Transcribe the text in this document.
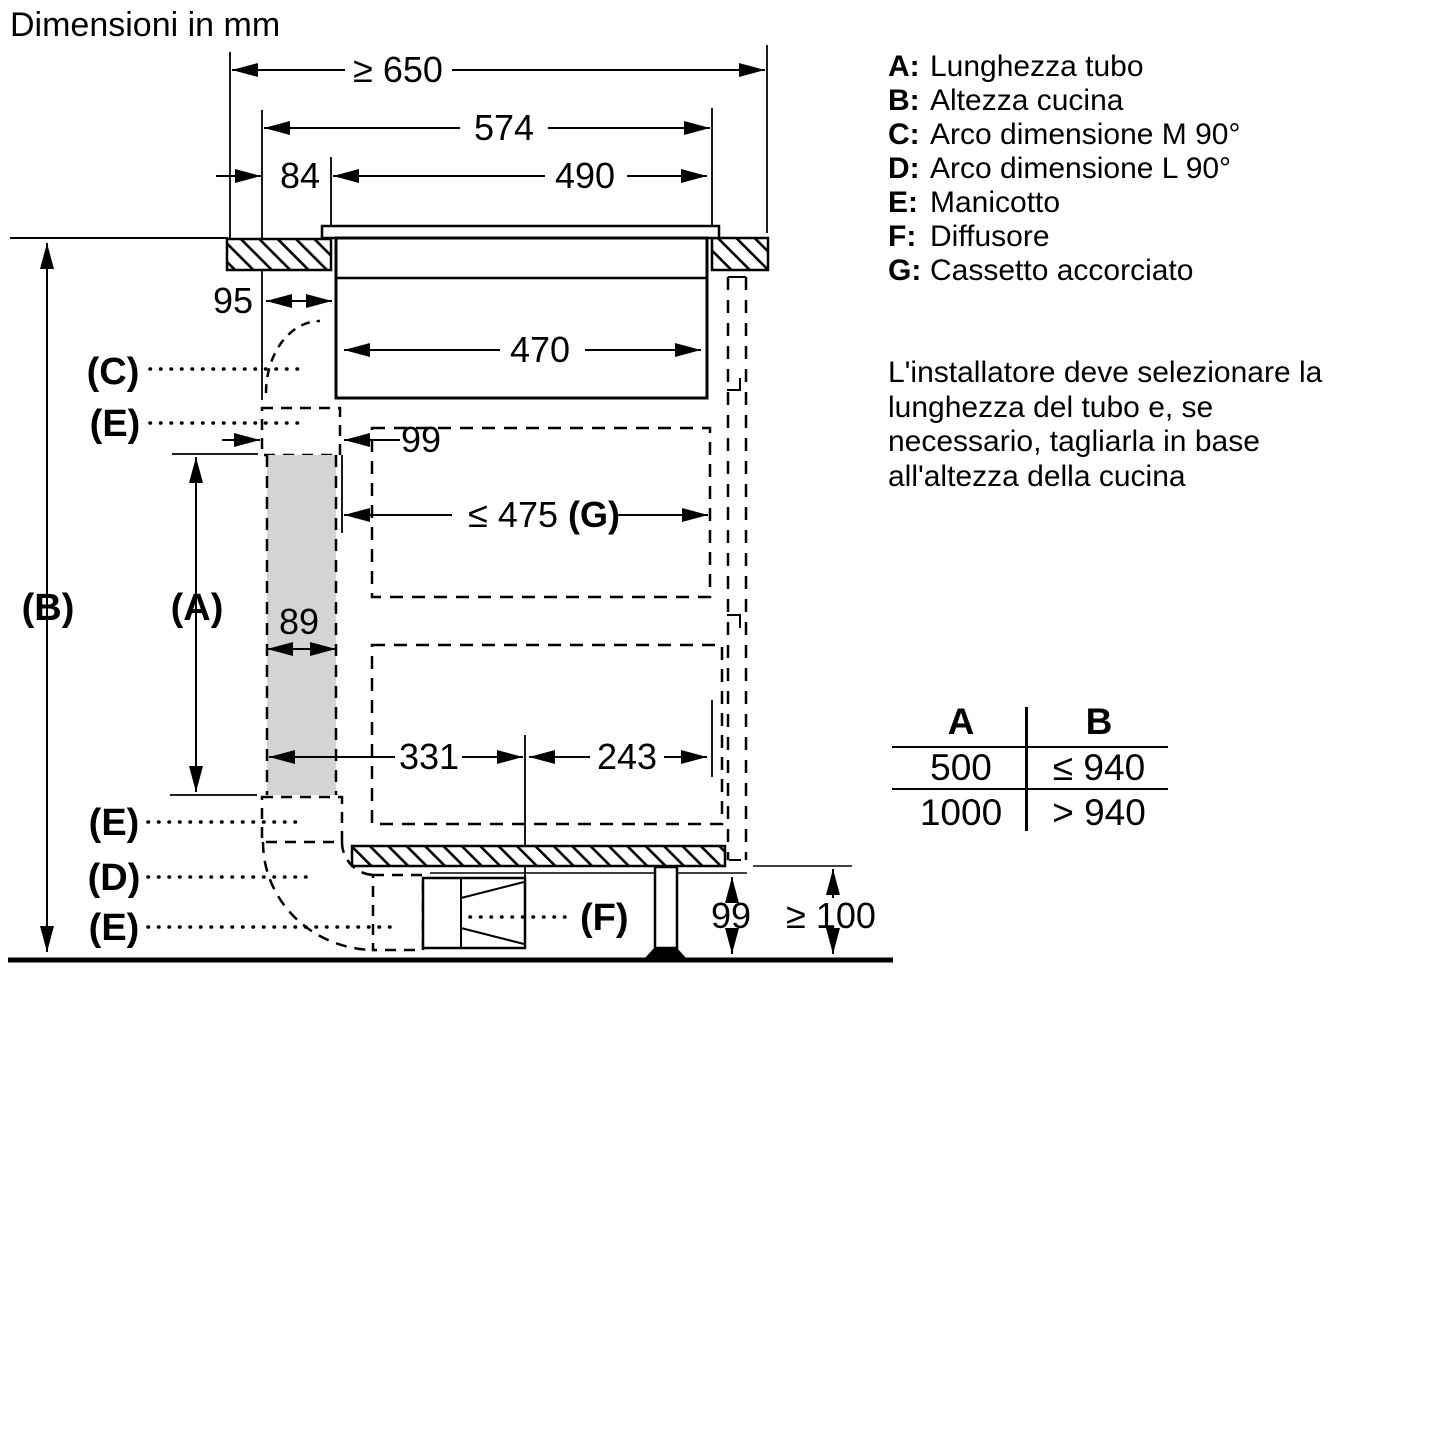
Dimensioni in mm
(B)
≥ 650
574
84	490
95
470
(A) 89
99
≤ 475 (G)
331	243
(F) 99 ≥ 100
(C)
(E)
(E)
(D)
(E)
A: Lunghezza tubo
B: Altezza cucina
C: Arco dimensione M 90°
D: Arco dimensione L 90°
E: Manicotto
F: Diffusore
G: Cassetto accorciato
L'installatore deve selezionare la
lunghezza del tubo e, se
necessario, tagliarla in base
all'altezza della cucina
A	B
500	≤ 940
1000	> 940
